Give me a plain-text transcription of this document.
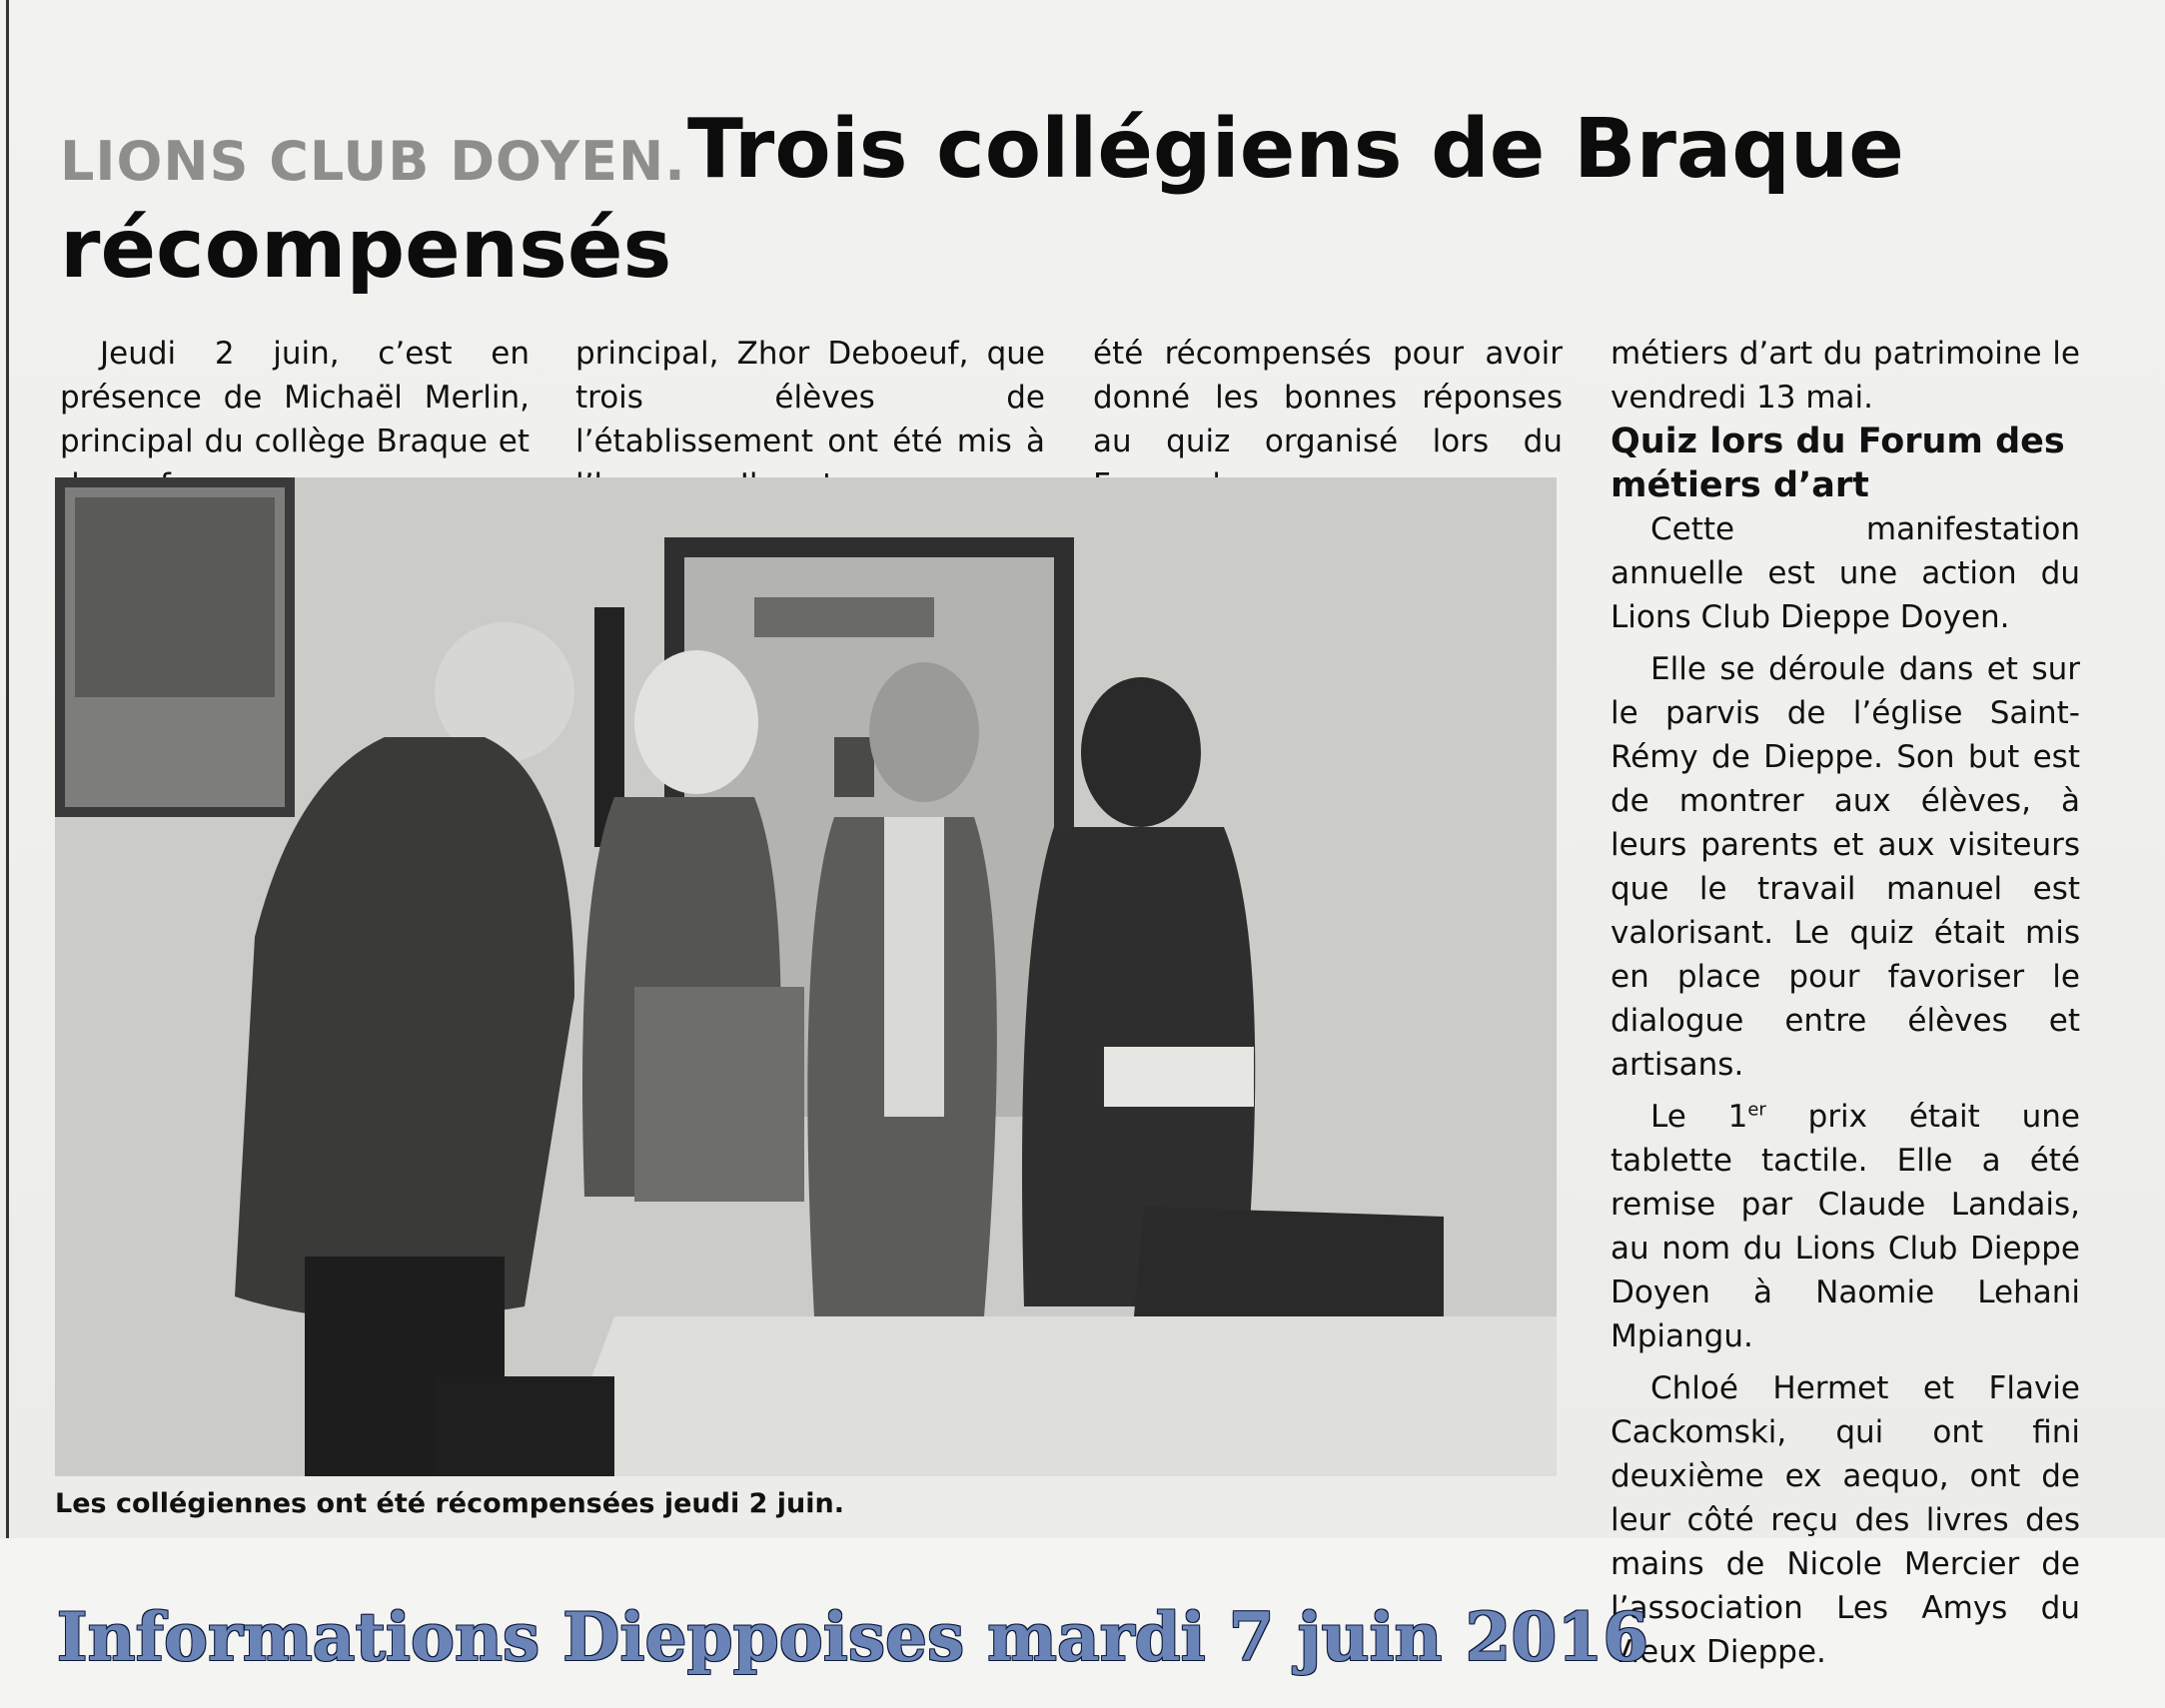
LIONS CLUB DOYEN. Trois collégiens de Braque récompensés

Jeudi 2 juin, c’est en présence de Michaël Merlin, principal du collège Braque et

principal, Zhor Deboeuf, que trois élèves de l’établissement ont été mis à

été récompensés pour avoir donné les bonnes réponses au quiz organisé lors du

métiers d’art du patrimoine le vendredi 13 mai.

Quiz lors du Forum des métiers d’art

Cette manifestation annuelle est une action du Lions Club Dieppe Doyen.

Elle se déroule dans et sur le parvis de l’église Saint-Rémy de Dieppe. Son but est de montrer aux élèves, à leurs parents et aux visiteurs que le travail manuel est valorisant. Le quiz était mis en place pour favoriser le dialogue entre élèves et artisans.

Le 1er prix était une tablette tactile. Elle a été remise par Claude Landais, au nom du Lions Club Dieppe Doyen à Naomie Lehani Mpiangu.

Chloé Hermet et Flavie Cackomski, qui ont fini deuxième ex aequo, ont de leur côté reçu des livres des mains de Nicole Mercier de l’association Les Amys du Vieux Dieppe.

Les collégiennes ont été récompensées jeudi 2 juin.
Informations Dieppoises mardi 7 juin 2016
